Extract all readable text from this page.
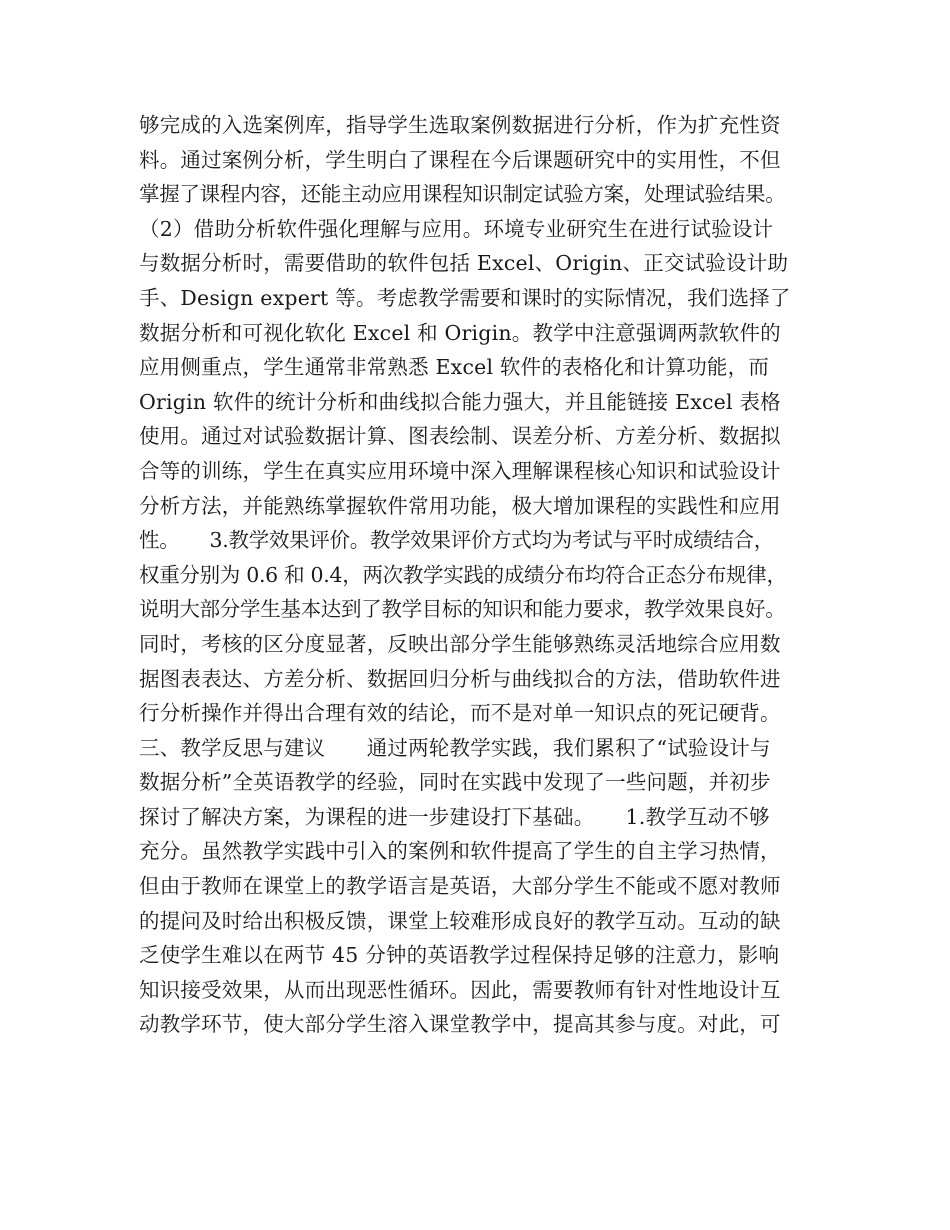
够完成的入选案例库，指导学生选取案例数据进行分析，作为扩充性资
料。通过案例分析，学生明白了课程在今后课题研究中的实用性，不但
掌握了课程内容，还能主动应用课程知识制定试验方案，处理试验结果。
（2）借助分析软件强化理解与应用。环境专业研究生在进行试验设计
与数据分析时，需要借助的软件包括 Excel、Origin、正交试验设计助
手、Design expert 等。考虑教学需要和课时的实际情况，我们选择了
数据分析和可视化软化 Excel 和 Origin。教学中注意强调两款软件的
应用侧重点，学生通常非常熟悉 Excel 软件的表格化和计算功能，而
Origin 软件的统计分析和曲线拟合能力强大，并且能链接 Excel 表格
使用。通过对试验数据计算、图表绘制、误差分析、方差分析、数据拟
合等的训练，学生在真实应用环境中深入理解课程核心知识和试验设计
分析方法，并能熟练掌握软件常用功能，极大增加课程的实践性和应用
性。　　3.教学效果评价。教学效果评价方式均为考试与平时成绩结合，
权重分别为 0.6 和 0.4，两次教学实践的成绩分布均符合正态分布规律，
说明大部分学生基本达到了教学目标的知识和能力要求，教学效果良好。
同时，考核的区分度显著，反映出部分学生能够熟练灵活地综合应用数
据图表表达、方差分析、数据回归分析与曲线拟合的方法，借助软件进
行分析操作并得出合理有效的结论，而不是对单一知识点的死记硬背。
三、教学反思与建议　　通过两轮教学实践，我们累积了“试验设计与
数据分析”全英语教学的经验，同时在实践中发现了一些问题，并初步
探讨了解决方案，为课程的进一步建设打下基础。　　1.教学互动不够
充分。虽然教学实践中引入的案例和软件提高了学生的自主学习热情，
但由于教师在课堂上的教学语言是英语，大部分学生不能或不愿对教师
的提问及时给出积极反馈，课堂上较难形成良好的教学互动。互动的缺
乏使学生难以在两节 45 分钟的英语教学过程保持足够的注意力，影响
知识接受效果，从而出现恶性循环。因此，需要教师有针对性地设计互
动教学环节，使大部分学生溶入课堂教学中，提高其参与度。对此，可
